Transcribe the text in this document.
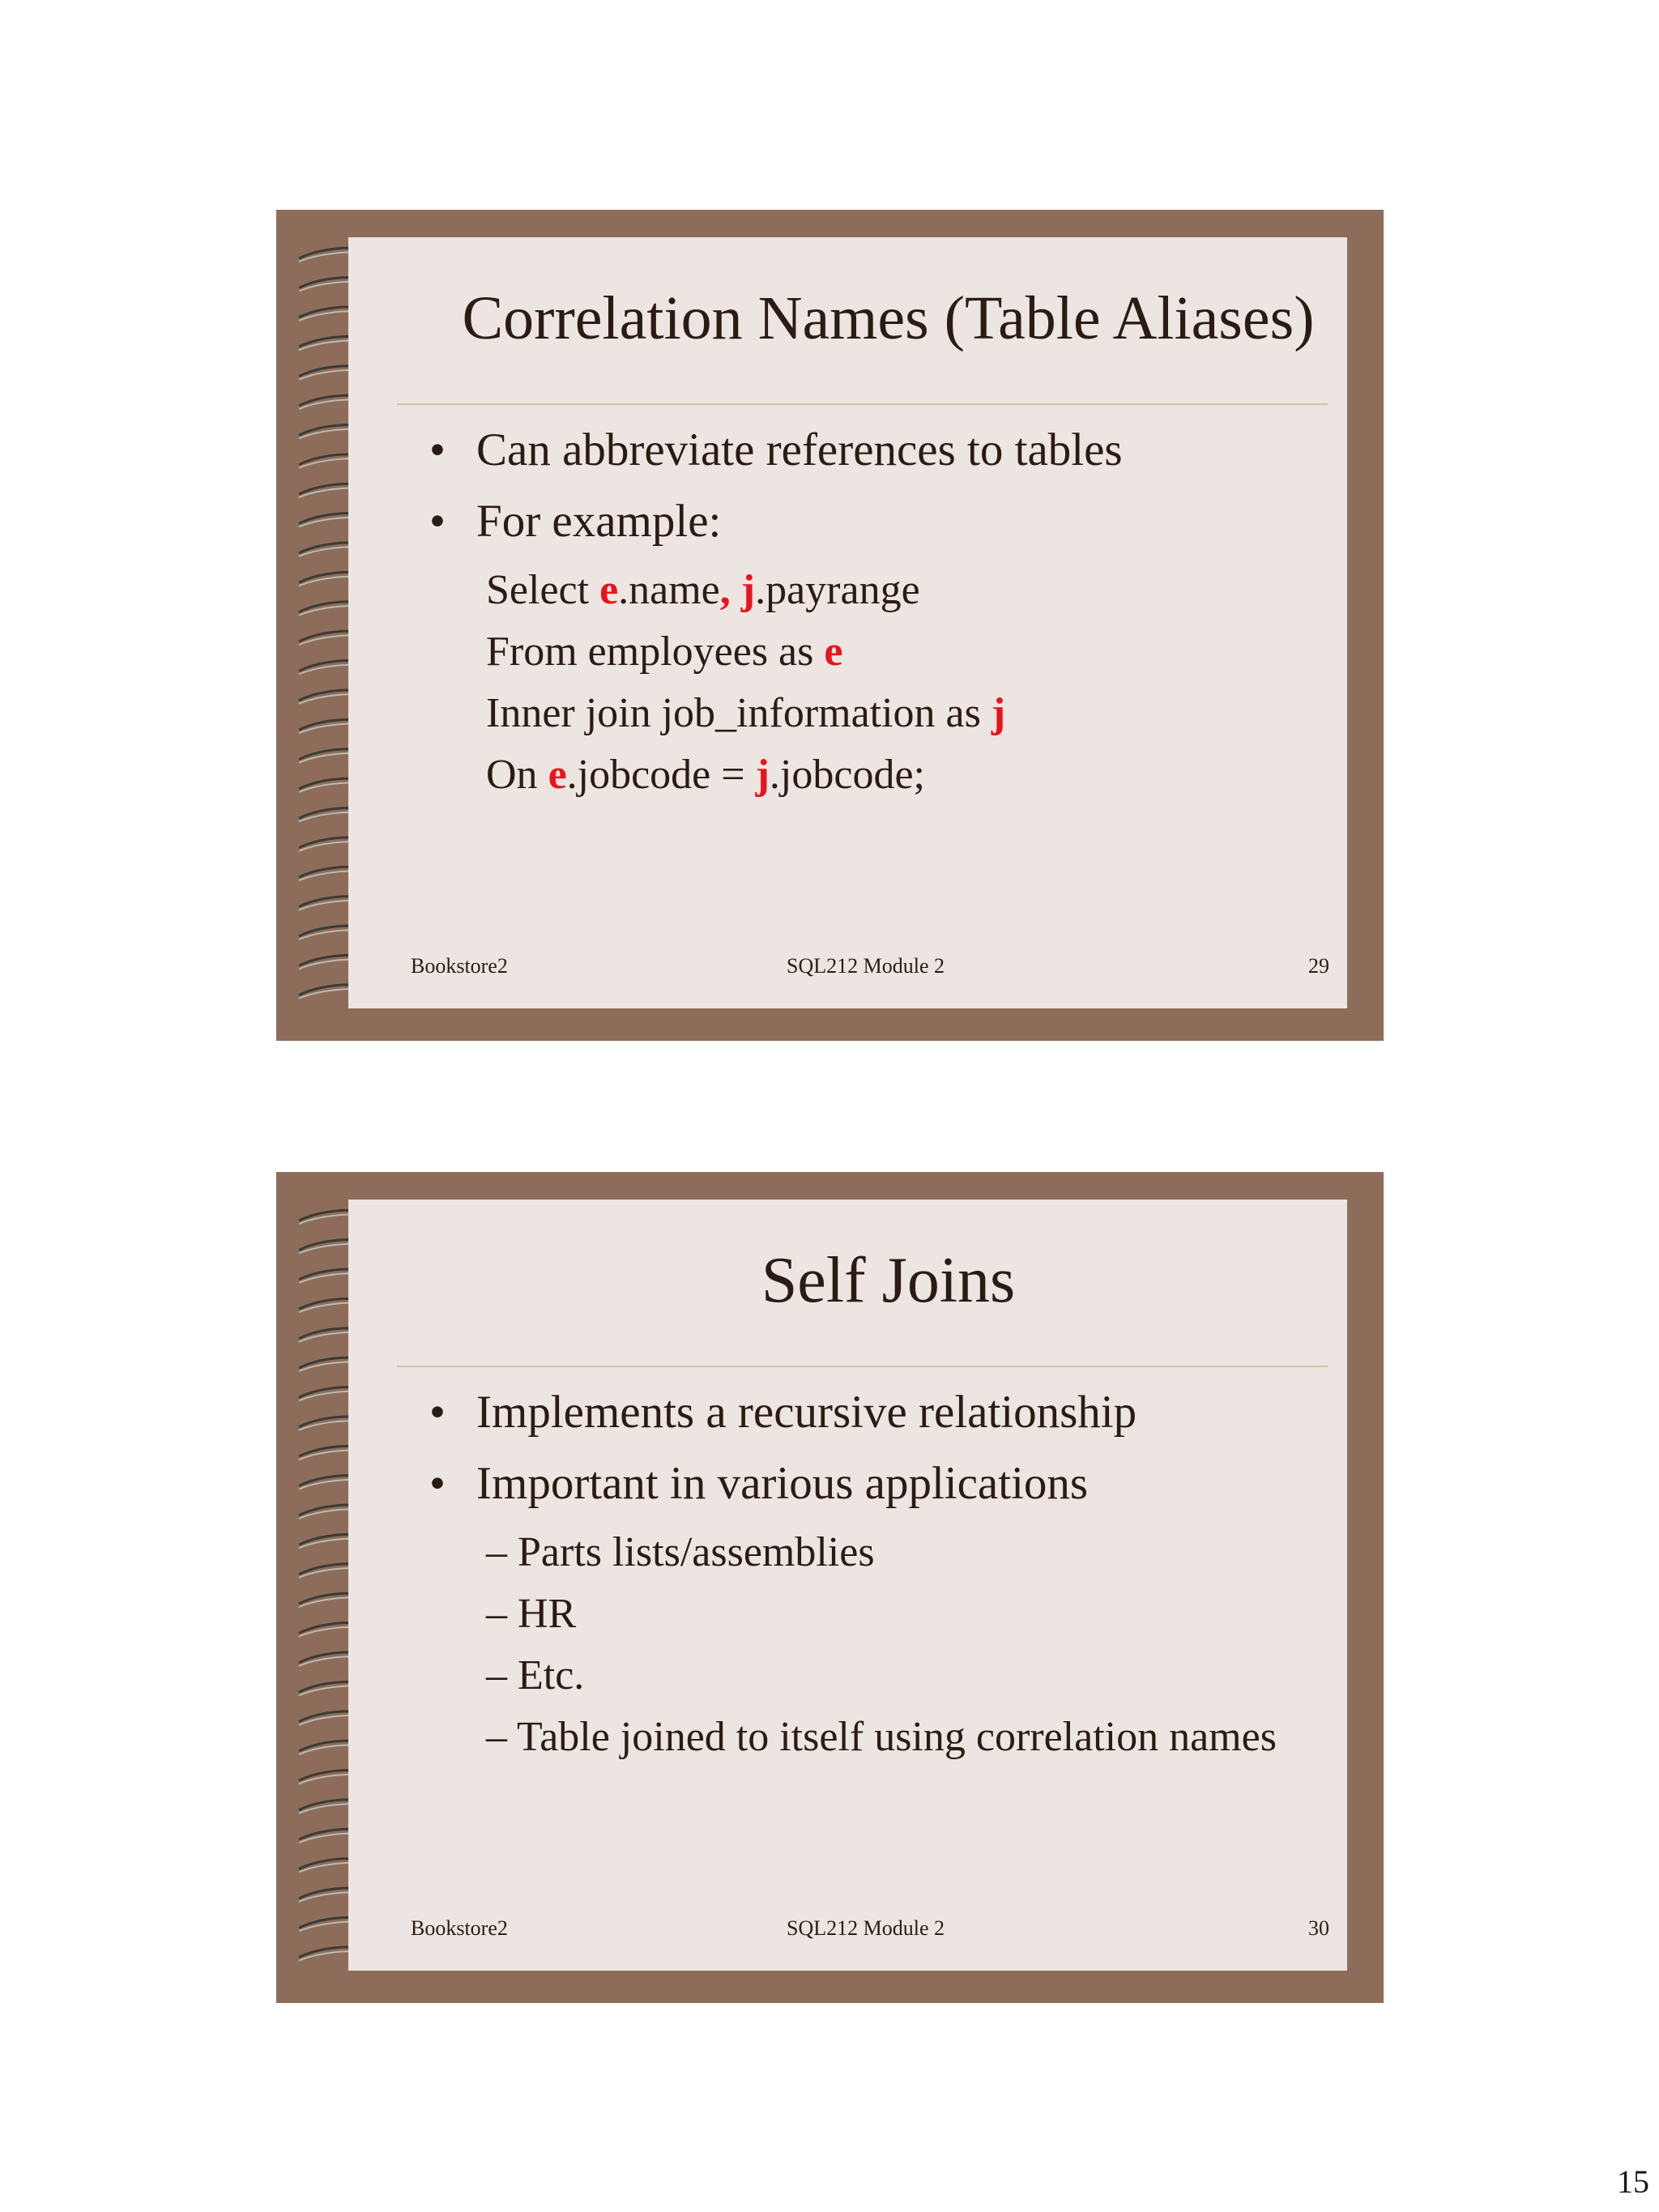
Correlation Names (Table Aliases)
• Can abbreviate references to tables
• For example:
Select e.name, j.payrange
From employees as e
Inner join job_information as j
On e.jobcode = j.jobcode;
Bookstore2	SQL212 Module 2	29
Self Joins
• Implements a recursive relationship
• Important in various applications
– Parts lists/assemblies
– HR
– Etc.
– Table joined to itself using correlation names
Bookstore2	SQL212 Module 2	30
15
